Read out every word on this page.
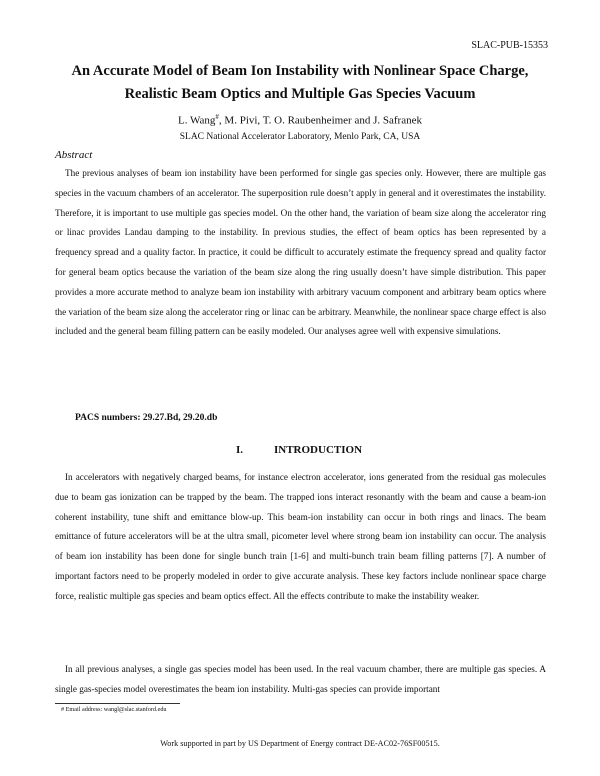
SLAC-PUB-15353
An Accurate Model of Beam Ion Instability with Nonlinear Space Charge,
Realistic Beam Optics and Multiple Gas Species Vacuum
L. Wang#, M. Pivi, T. O. Raubenheimer and J. Safranek
SLAC National Accelerator Laboratory, Menlo Park, CA, USA
Abstract

The previous analyses of beam ion instability have been performed for single gas species only. However, there are multiple gas species in the vacuum chambers of an accelerator. The superposition rule doesn’t apply in general and it overestimates the instability. Therefore, it is important to use multiple gas species model. On the other hand, the variation of beam size along the accelerator ring or linac provides Landau damping to the instability. In previous studies, the effect of beam optics has been represented by a frequency spread and a quality factor. In practice, it could be difficult to accurately estimate the frequency spread and quality factor for general beam optics because the variation of the beam size along the ring usually doesn’t have simple distribution. This paper provides a more accurate method to analyze beam ion instability with arbitrary vacuum component and arbitrary beam optics where the variation of the beam size along the accelerator ring or linac can be arbitrary. Meanwhile, the nonlinear space charge effect is also included and the general beam filling pattern can be easily modeled. Our analyses agree well with expensive simulations.

PACS numbers: 29.27.Bd, 29.20.db
I.	INTRODUCTION

In accelerators with negatively charged beams, for instance electron accelerator, ions generated from the residual gas molecules due to beam gas ionization can be trapped by the beam. The trapped ions interact resonantly with the beam and cause a beam-ion coherent instability, tune shift and emittance blow-up. This beam-ion instability can occur in both rings and linacs. The beam emittance of future accelerators will be at the ultra small, picometer level where strong beam ion instability can occur. The analysis of beam ion instability has been done for single bunch train [1-6] and multi-bunch train beam filling patterns [7]. A number of important factors need to be properly modeled in order to give accurate analysis. These key factors include nonlinear space charge force, realistic multiple gas species and beam optics effect. All the effects contribute to make the instability weaker.

In all previous analyses, a single gas species model has been used. In the real vacuum chamber, there are multiple gas species. A single gas-species model overestimates the beam ion instability. Multi-gas species can provide important

# Email address: wangl@slac.stanford.edu
Work supported in part by US Department of Energy contract DE-AC02-76SF00515.
